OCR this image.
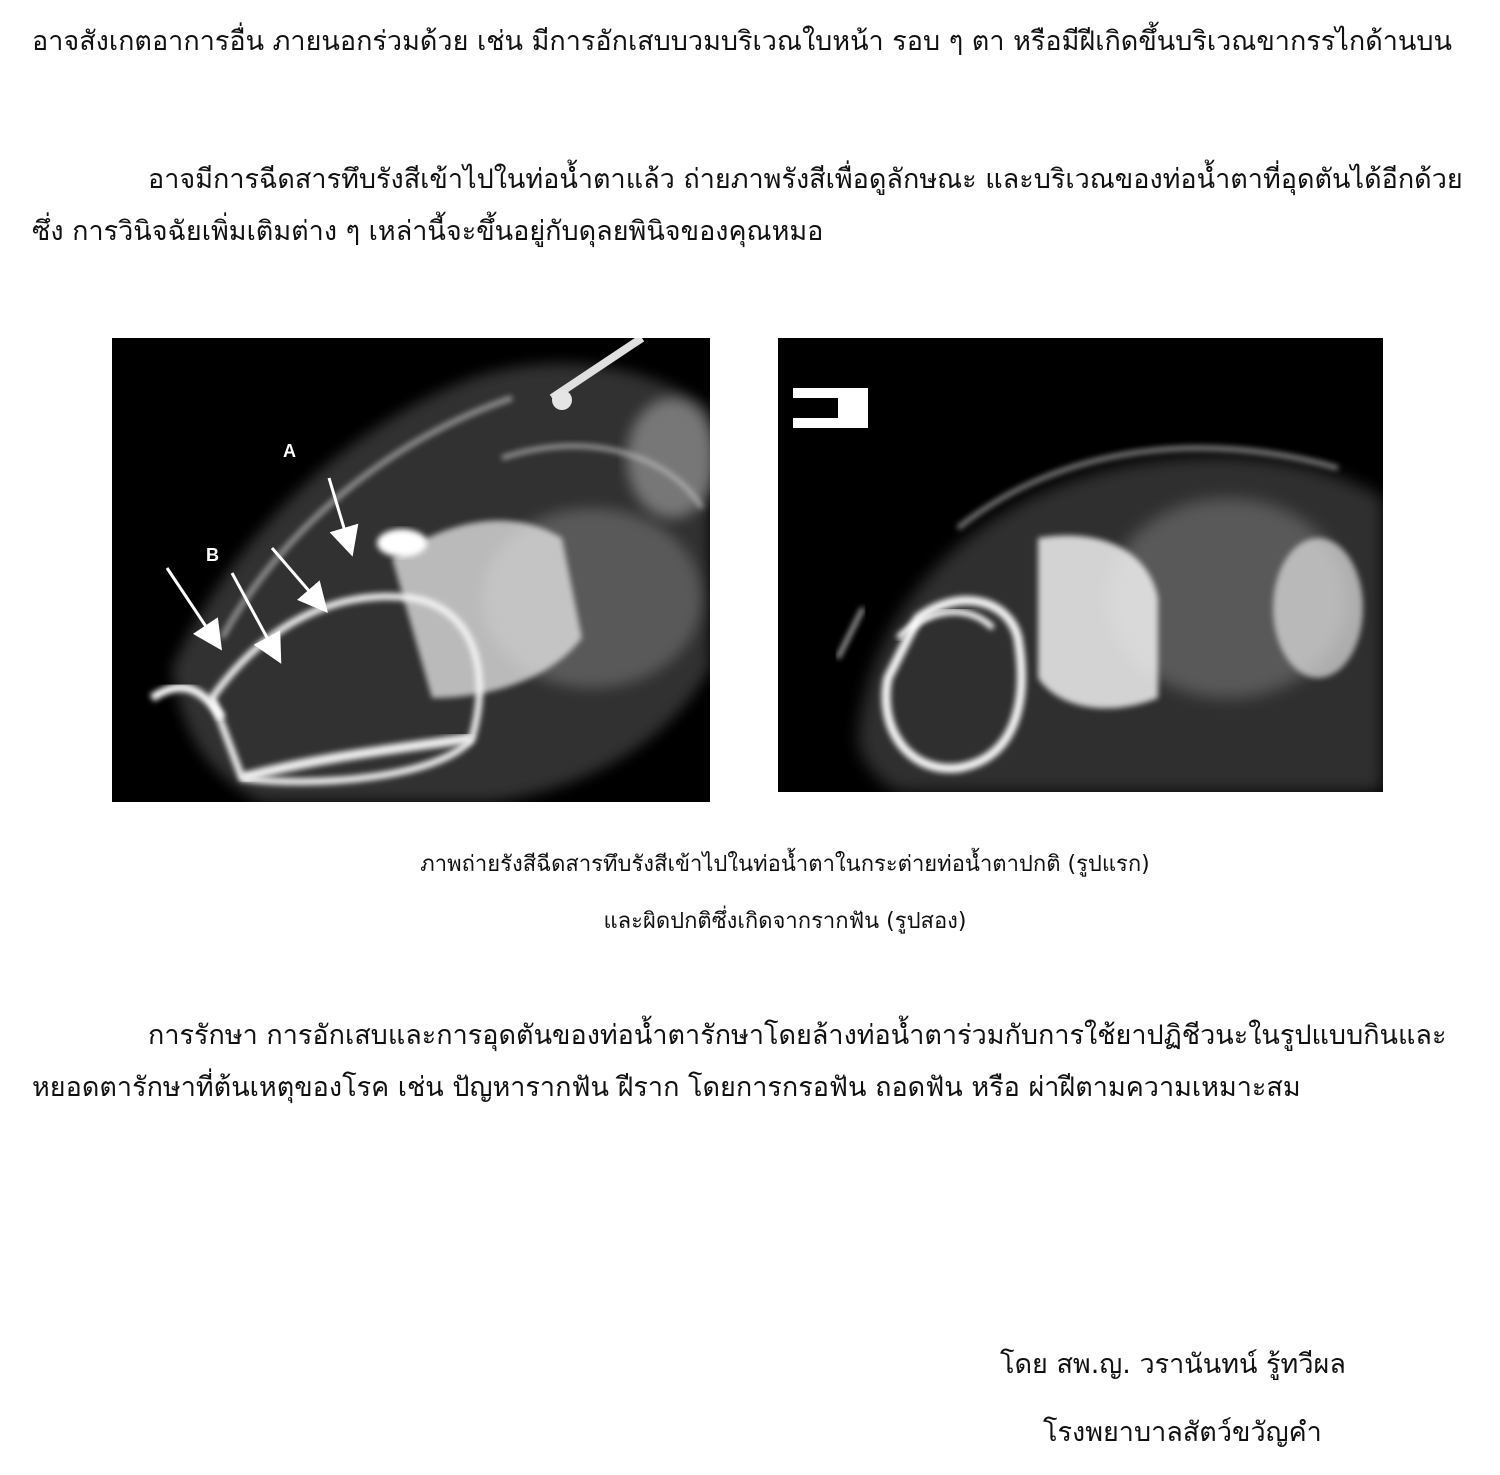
อาจสังเกตอาการอื่น ภายนอกร่วมด้วย เช่น มีการอักเสบบวมบริเวณใบหน้า รอบ ๆ ตา หรือมีฝีเกิดขึ้นบริเวณขากรรไกด้านบน

อาจมีการฉีดสารทึบรังสีเข้าไปในท่อน้ำตาแล้ว ถ่ายภาพรังสีเพื่อดูลักษณะ และบริเวณของท่อน้ำตาที่อุดตันได้อีกด้วย ซึ่ง การวินิจฉัยเพิ่มเติมต่าง ๆ เหล่านี้จะขึ้นอยู่กับดุลยพินิจของคุณหมอ

A
B
ภาพถ่ายรังสีฉีดสารทึบรังสีเข้าไปในท่อน้ำตาในกระต่ายท่อน้ำตาปกติ (รูปแรก)
และผิดปกติซึ่งเกิดจากรากฟัน (รูปสอง)

การรักษา การอักเสบและการอุดตันของท่อน้ำตารักษาโดยล้างท่อน้ำตาร่วมกับการใช้ยาปฏิชีวนะในรูปแบบกินและหยอดตารักษาที่ต้นเหตุของโรค เช่น ปัญหารากฟัน ฝีราก โดยการกรอฟัน ถอดฟัน หรือ ผ่าฝีตามความเหมาะสม

โดย สพ.ญ. วรานันทน์ รู้ทวีผล
โรงพยาบาลสัตว์ขวัญคำ
